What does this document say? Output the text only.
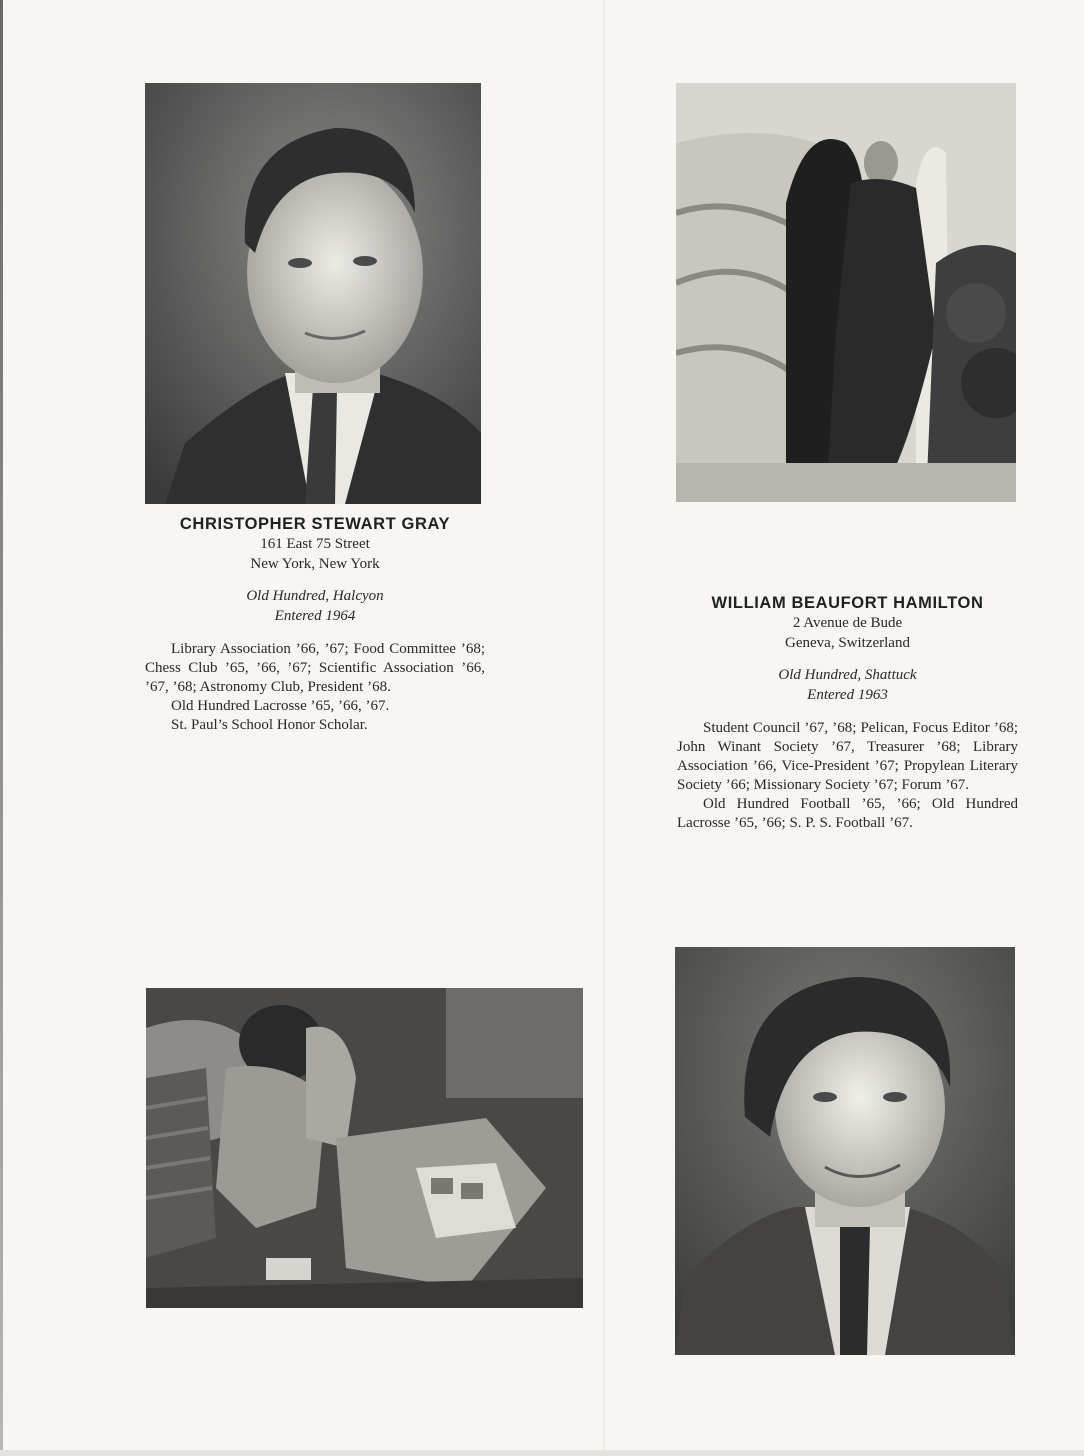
CHRISTOPHER STEWART GRAY
161 East 75 Street
New York, New York
Old Hundred, Halcyon
Entered 1964

Library Association ’66, ’67; Food Committee ’68; Chess Club ’65, ’66, ’67; Scientific Association ’66, ’67, ’68; Astronomy Club, President ’68.

Old Hundred Lacrosse ’65, ’66, ’67.

St. Paul’s School Honor Scholar.

WILLIAM BEAUFORT HAMILTON
2 Avenue de Bude
Geneva, Switzerland
Old Hundred, Shattuck
Entered 1963

Student Council ’67, ’68; Pelican, Focus Editor ’68; John Winant Society ’67, Treasurer ’68; Library Association ’66, Vice-President ’67; Propylean Literary Society ’66; Missionary Society ’67; Forum ’67.

Old Hundred Football ’65, ’66; Old Hundred Lacrosse ’65, ’66; S. P. S. Football ’67.
